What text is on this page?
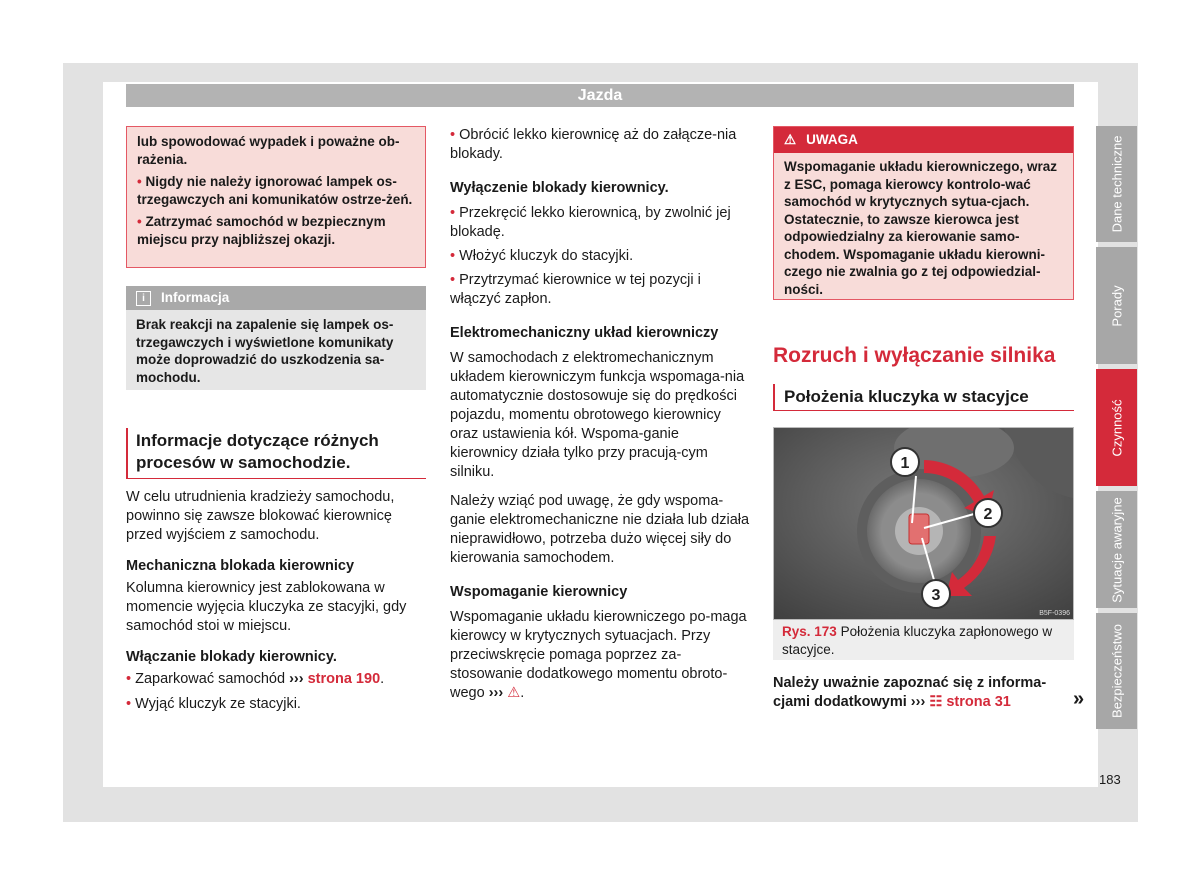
Jazda

lub spowodować wypadek i poważne ob-rażenia.

• Nigdy nie należy ignorować lampek os-trzegawczych ani komunikatów ostrze-żeń.

• Zatrzymać samochód w bezpiecznym miejscu przy najbliższej okazji.

i	Informacja
Brak reakcji na zapalenie się lampek os-trzegawczych i wyświetlone komunikaty może doprowadzić do uszkodzenia sa-mochodu.
Informacje dotyczące różnych procesów w samochodzie.

W celu utrudnienia kradzieży samochodu, powinno się zawsze blokować kierownicę przed wyjściem z samochodu.

Mechaniczna blokada kierownicy

Kolumna kierownicy jest zablokowana w momencie wyjęcia kluczyka ze stacyjki, gdy samochód stoi w miejscu.

Włączanie blokady kierownicy.

• Zaparkować samochód ››› strona 190.

• Wyjąć kluczyk ze stacyjki.

• Obrócić lekko kierownicę aż do załącze-nia blokady.

Wyłączenie blokady kierownicy.

• Przekręcić lekko kierownicą, by zwolnić jej blokadę.

• Włożyć kluczyk do stacyjki.

• Przytrzymać kierownice w tej pozycji i włączyć zapłon.

Elektromechaniczny układ kierowniczy

W samochodach z elektromechanicznym układem kierowniczym funkcja wspomaga-nia automatycznie dostosowuje się do prędkości pojazdu, momentu obrotowego kierownicy oraz ustawienia kół. Wspoma-ganie kierownicy działa tylko przy pracują-cym silniku.

Należy wziąć pod uwagę, że gdy wspoma-ganie elektromechaniczne nie działa lub działa nieprawidłowo, potrzeba dużo więcej siły do kierowania samochodem.

Wspomaganie kierownicy

Wspomaganie układu kierowniczego po-maga kierowcy w krytycznych sytuacjach. Przy przeciwskręcie pomaga poprzez za-stosowanie dodatkowego momentu obroto-wego ››› ⚠.

⚠ UWAGA
Wspomaganie układu kierowniczego, wraz z ESC, pomaga kierowcy kontrolo-wać samochód w krytycznych sytua-cjach. Ostatecznie, to zawsze kierowca jest odpowiedzialny za kierowanie samo-chodem. Wspomaganie układu kierowni-czego nie zwalnia go z tej odpowiedzial-ności.
Rozruch i wyłączanie silnika
Położenia kluczyka w stacyjce
1
2
3
B5F-0396
Rys. 173 Położenia kluczyka zapłonowego w stacyjce.
Należy uważnie zapoznać się z informa-cjami dodatkowymi ››› ☷ strona 31	»
Dane techniczne
Porady
Czynność
Sytuacje awaryjne
Bezpieczeństwo
183
